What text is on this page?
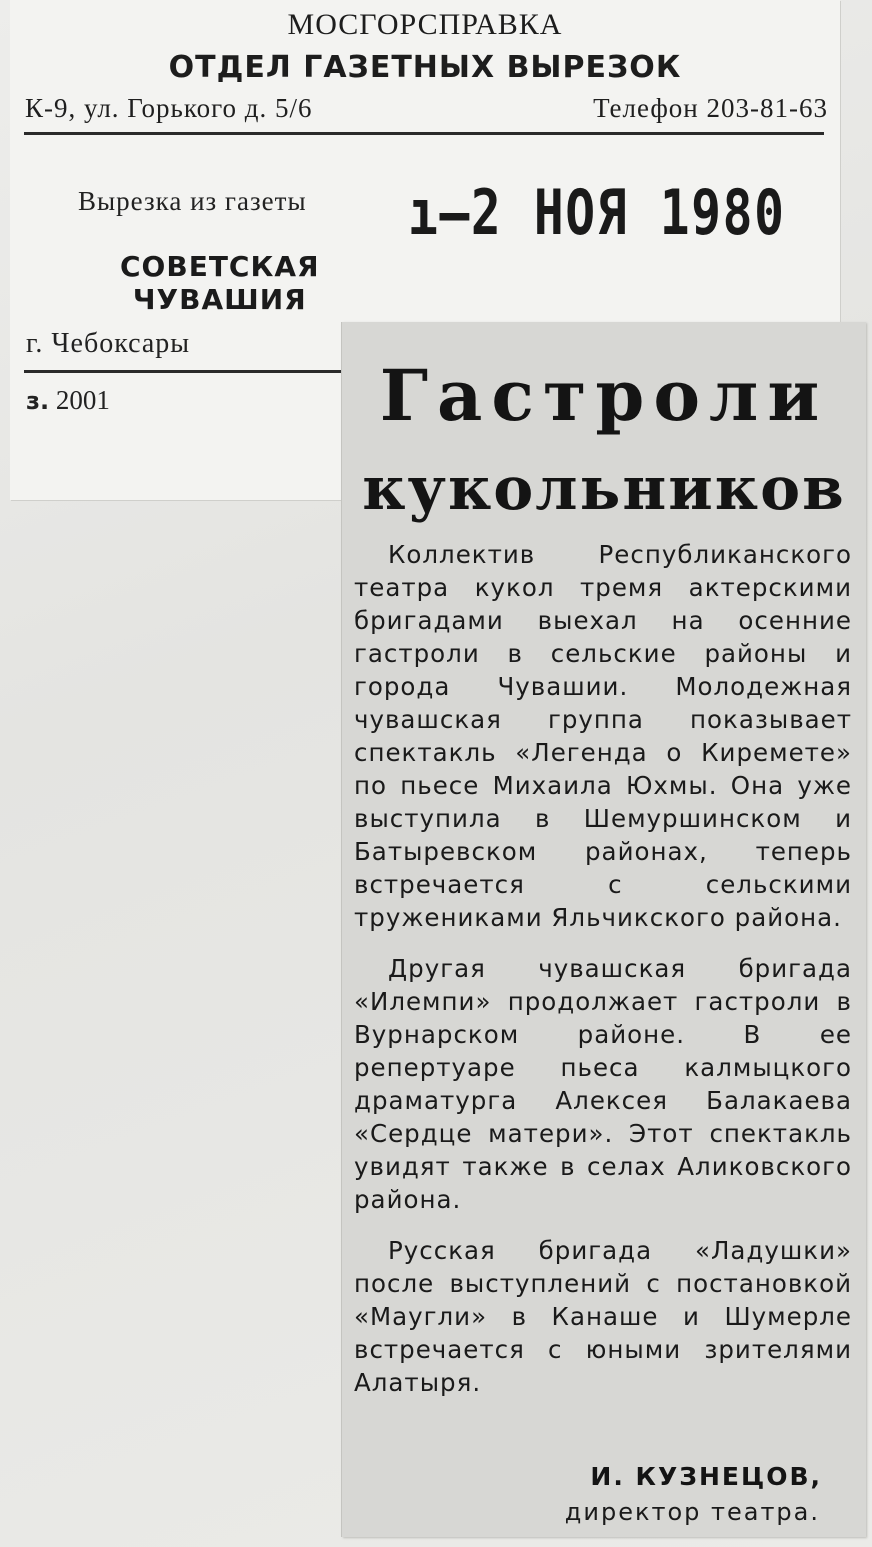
МОСГОРСПРАВКА
ОТДЕЛ ГАЗЕТНЫХ ВЫРЕЗОК
К-9, ул. Горького д. 5/6	Телефон 203-81-63
Вырезка из газеты ı–2 НОЯ 1980
СОВЕТСКАЯ
ЧУВАШИЯ
г. Чебоксары
з. 2001	Гастроли
кукольников

Коллектив Республиканского театра кукол тремя актерскими бригадами выехал на осенние гастроли в сельские районы и города Чувашии. Молодежная чувашская группа показывает спектакль «Легенда о Киремете» по пьесе Михаила Юхмы. Она уже выступила в Шемуршинском и Батыревском районах, теперь встречается с сельскими тружениками Яльчикского района.

Другая чувашская бригада «Илемпи» продолжает гастроли в Вурнарском районе. В ее репертуаре пьеса калмыцкого драматурга Алексея Балакаева «Сердце матери». Этот спектакль увидят также в селах Аликовского района.

Русская бригада «Ладушки» после выступлений с постановкой «Маугли» в Канаше и Шумерле встречается с юными зрителями Алатыря.

И. КУЗНЕЦОВ,
директор театра.
